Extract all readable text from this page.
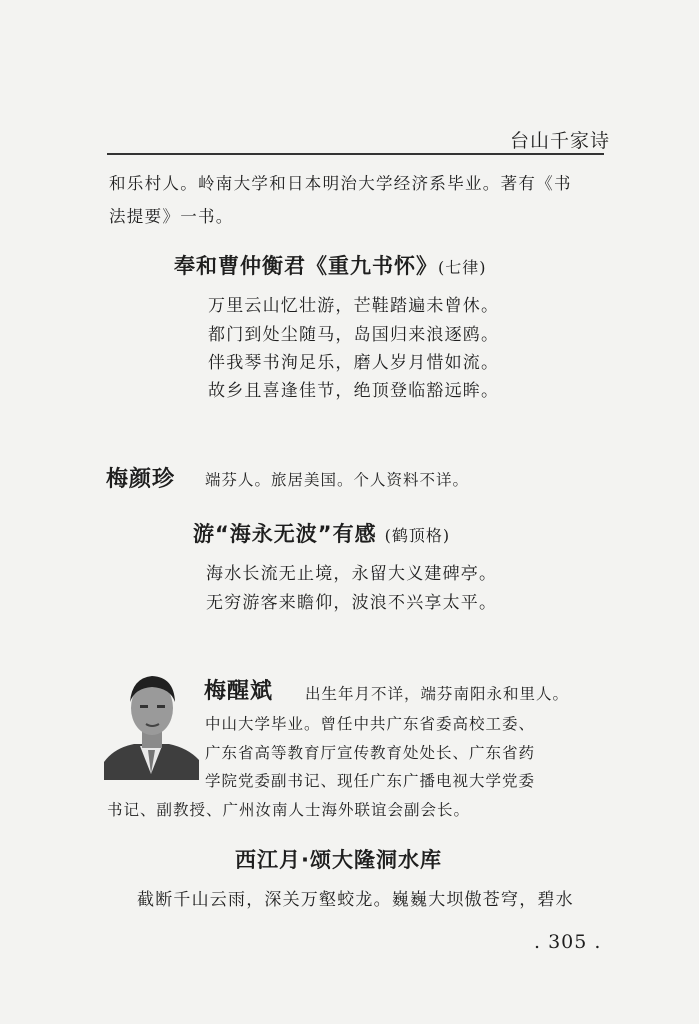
台山千家诗
和乐村人。岭南大学和日本明治大学经济系毕业。著有《书
法提要》一书。
奉和曹仲衡君《重九书怀》(七律)
万里云山忆壮游，芒鞋踏遍未曾休。
都门到处尘随马，岛国归来浪逐鸥。
伴我琴书洵足乐，磨人岁月惜如流。
故乡且喜逢佳节，绝顶登临豁远眸。
梅颜珍 端芬人。旅居美国。个人资料不详。
游“海永无波”有感 (鹤顶格)
海水长流无止境，永留大义建碑亭。
无穷游客来瞻仰，波浪不兴享太平。
梅醒斌 出生年月不详，端芬南阳永和里人。
中山大学毕业。曾任中共广东省委高校工委、
广东省高等教育厅宣传教育处处长、广东省药
学院党委副书记、现任广东广播电视大学党委
书记、副教授、广州汝南人士海外联谊会副会长。
西江月·颂大隆洞水库
截断千山云雨，深关万壑蛟龙。巍巍大坝傲苍穹，碧水
. 305 .
